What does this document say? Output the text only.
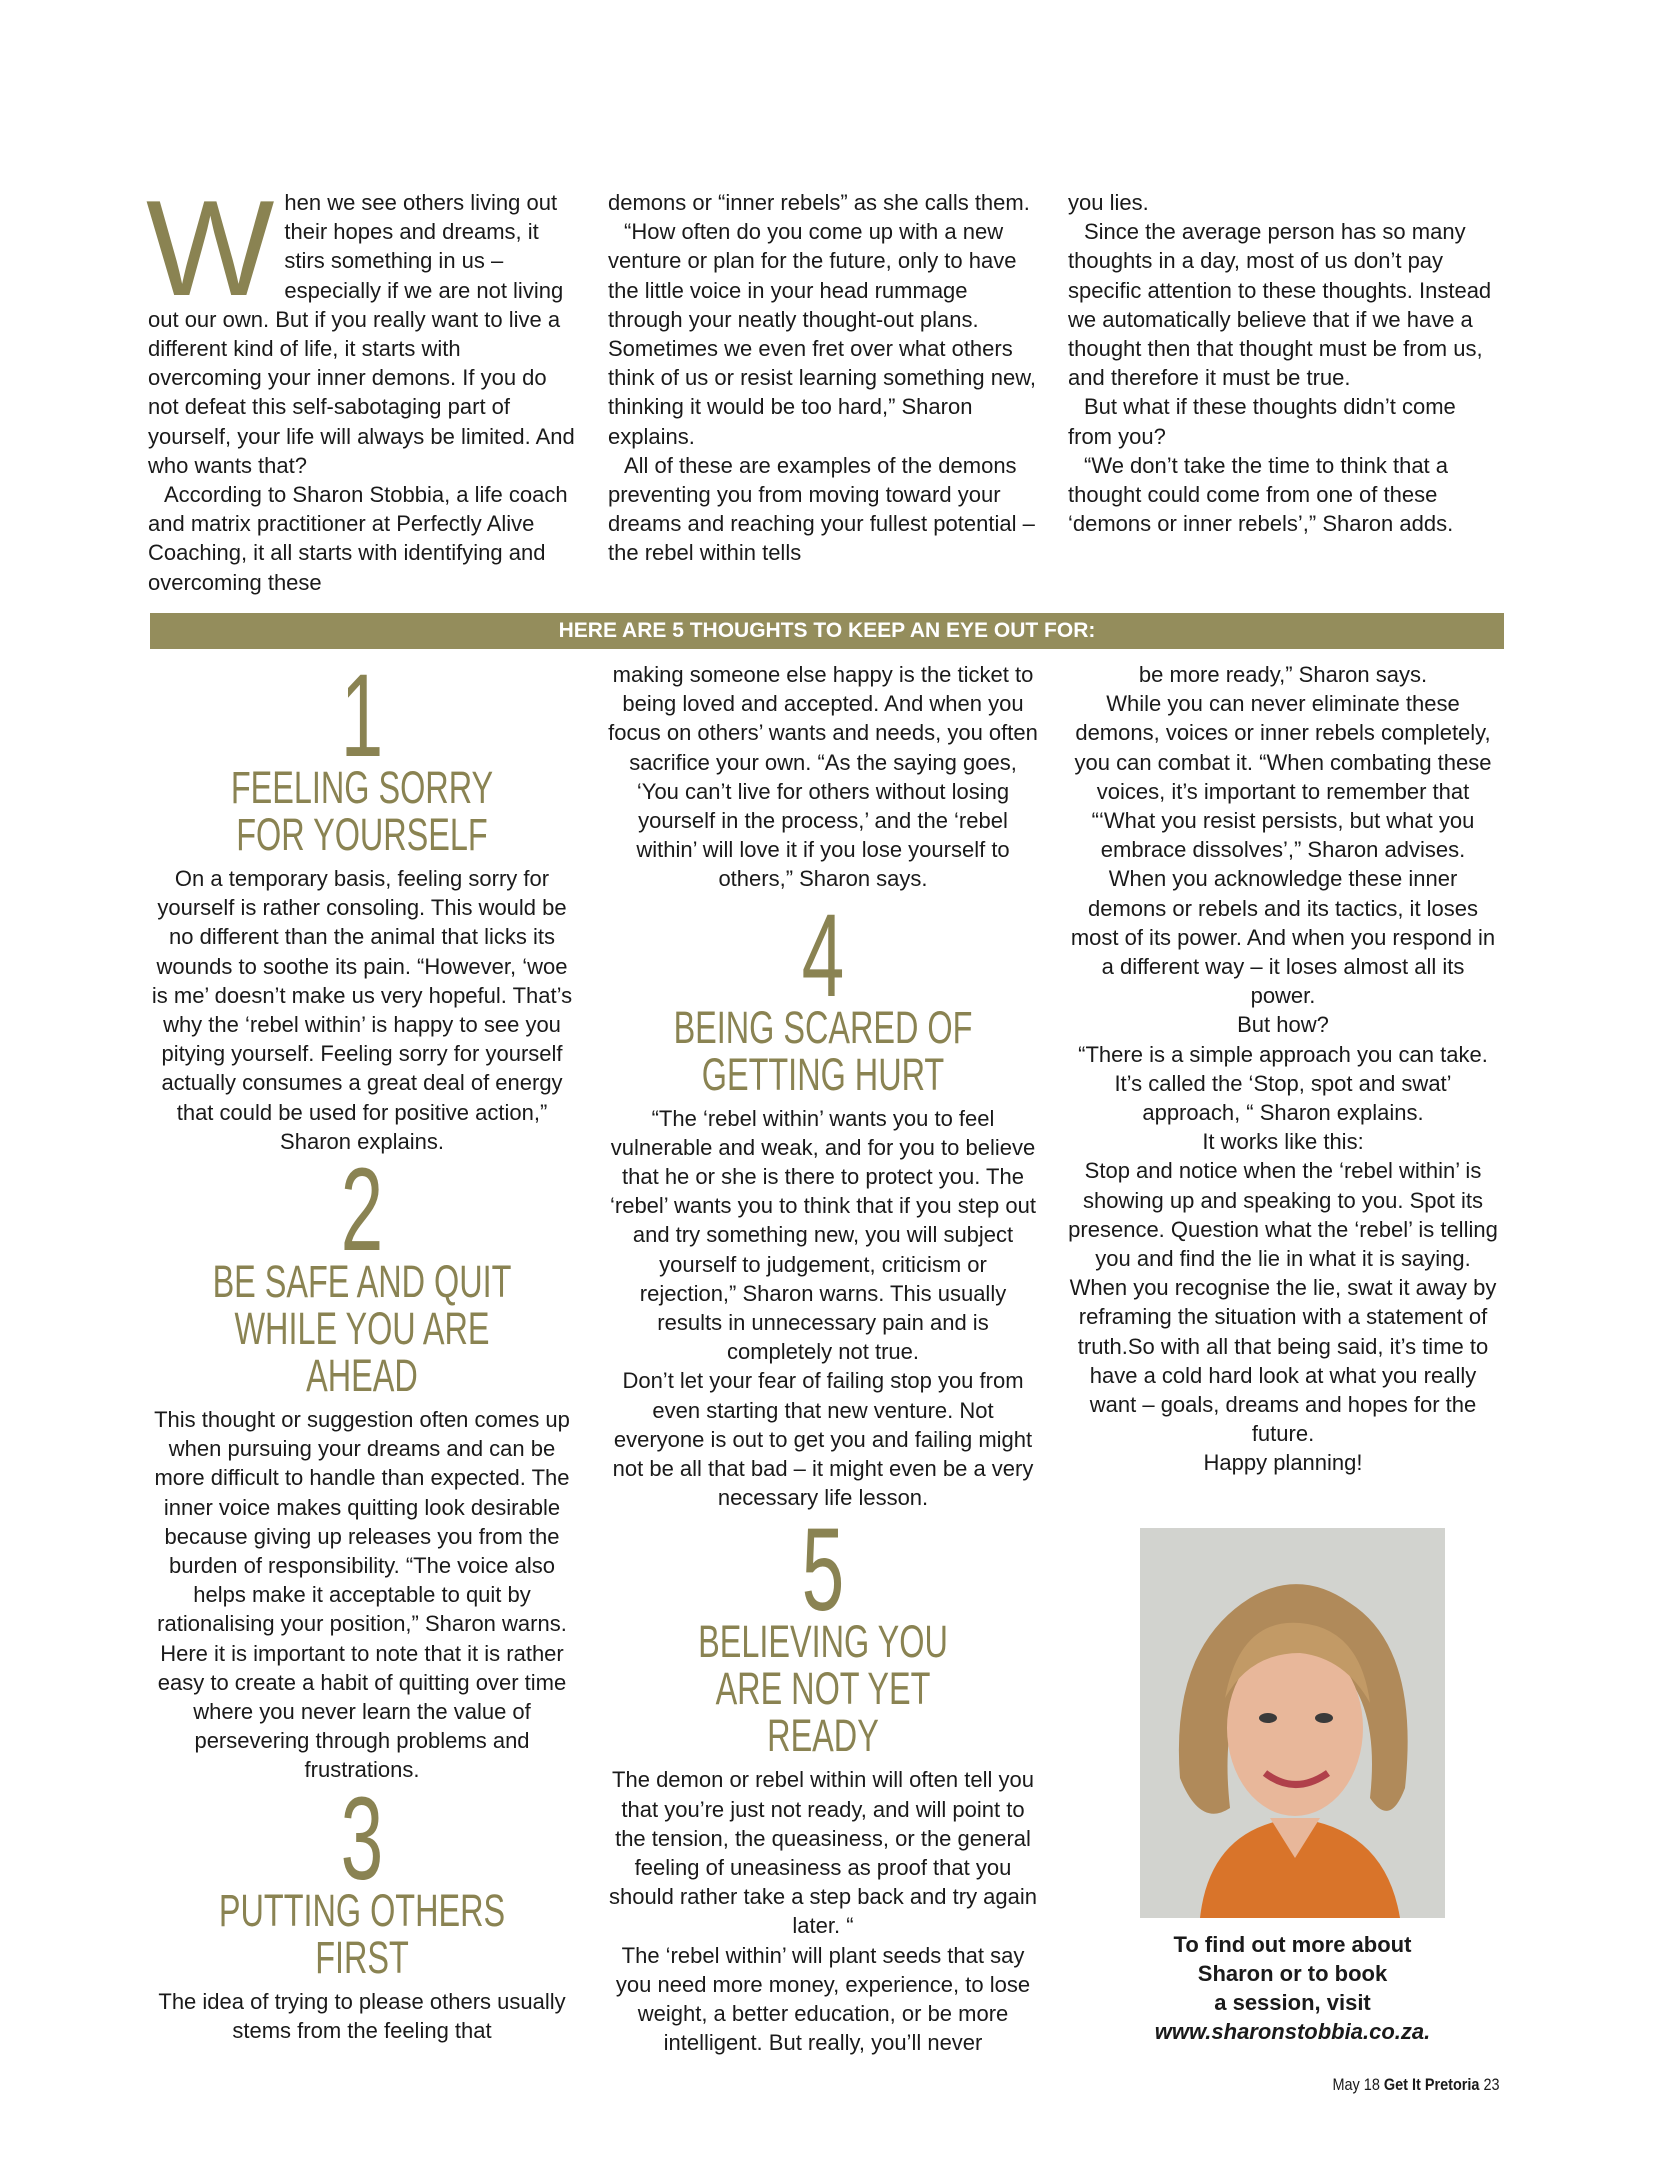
When we see others living out their hopes and dreams, it stirs something in us – especially if we are not living out our own. But if you really want to live a different kind of life, it starts with overcoming your inner demons. If you do not defeat this self-sabotaging part of yourself, your life will always be limited. And who wants that?

According to Sharon Stobbia, a life coach and matrix practitioner at Perfectly Alive Coaching, it all starts with identifying and overcoming these

demons or “inner rebels” as she calls them.

“How often do you come up with a new venture or plan for the future, only to have the little voice in your head rummage through your neatly thought-out plans. Sometimes we even fret over what others think of us or resist learning something new, thinking it would be too hard,” Sharon explains.

All of these are examples of the demons preventing you from moving toward your dreams and reaching your fullest potential – the rebel within tells

you lies.

Since the average person has so many thoughts in a day, most of us don’t pay specific attention to these thoughts. Instead we automatically believe that if we have a thought then that thought must be from us, and therefore it must be true.

But what if these thoughts didn’t come from you?

“We don’t take the time to think that a thought could come from one of these ‘demons or inner rebels’,” Sharon adds.

HERE ARE 5 THOUGHTS TO KEEP AN EYE OUT FOR:
1
FEELING SORRY FOR YOURSELF

On a temporary basis, feeling sorry for yourself is rather consoling. This would be no different than the animal that licks its wounds to soothe its pain. “However, ‘woe is me’ doesn’t make us very hopeful. That’s why the ‘rebel within’ is happy to see you pitying yourself. Feeling sorry for yourself actually consumes a great deal of energy that could be used for positive action,” Sharon explains.

2
BE SAFE AND QUIT WHILE YOU ARE AHEAD

This thought or suggestion often comes up when pursuing your dreams and can be more difficult to handle than expected. The inner voice makes quitting look desirable because giving up releases you from the burden of responsibility. “The voice also helps make it acceptable to quit by rationalising your position,” Sharon warns. Here it is important to note that it is rather easy to create a habit of quitting over time where you never learn the value of persevering through problems and frustrations.

3
PUTTING OTHERS FIRST

The idea of trying to please others usually stems from the feeling that

making someone else happy is the ticket to being loved and accepted. And when you focus on others’ wants and needs, you often sacrifice your own. “As the saying goes, ‘You can’t live for others without losing yourself in the process,’ and the ‘rebel within’ will love it if you lose yourself to others,” Sharon says.

4
BEING SCARED OF GETTING HURT

“The ‘rebel within’ wants you to feel vulnerable and weak, and for you to believe that he or she is there to protect you. The ‘rebel’ wants you to think that if you step out and try something new, you will subject yourself to judgement, criticism or rejection,” Sharon warns. This usually results in unnecessary pain and is completely not true.

Don’t let your fear of failing stop you from even starting that new venture. Not everyone is out to get you and failing might not be all that bad – it might even be a very necessary life lesson.

5
BELIEVING YOU ARE NOT YET READY

The demon or rebel within will often tell you that you’re just not ready, and will point to the tension, the queasiness, or the general feeling of uneasiness as proof that you should rather take a step back and try again later. “

The ‘rebel within’ will plant seeds that say you need more money, experience, to lose weight, a better education, or be more intelligent. But really, you’ll never

be more ready,” Sharon says.

While you can never eliminate these demons, voices or inner rebels completely, you can combat it. “When combating these voices, it’s important to remember that “‘What you resist persists, but what you embrace dissolves’,” Sharon advises.

When you acknowledge these inner demons or rebels and its tactics, it loses most of its power. And when you respond in a different way – it loses almost all its power.

But how?

“There is a simple approach you can take. It’s called the ‘Stop, spot and swat’ approach, “ Sharon explains.

It works like this:

Stop and notice when the ‘rebel within’ is showing up and speaking to you. Spot its presence. Question what the ‘rebel’ is telling you and find the lie in what it is saying. When you recognise the lie, swat it away by reframing the situation with a statement of truth.So with all that being said, it’s time to have a cold hard look at what you really want – goals, dreams and hopes for the future.

Happy planning!

To find out more about
Sharon or to book
a session, visit
www.sharonstobbia.co.za.
May 18 Get It Pretoria 23
